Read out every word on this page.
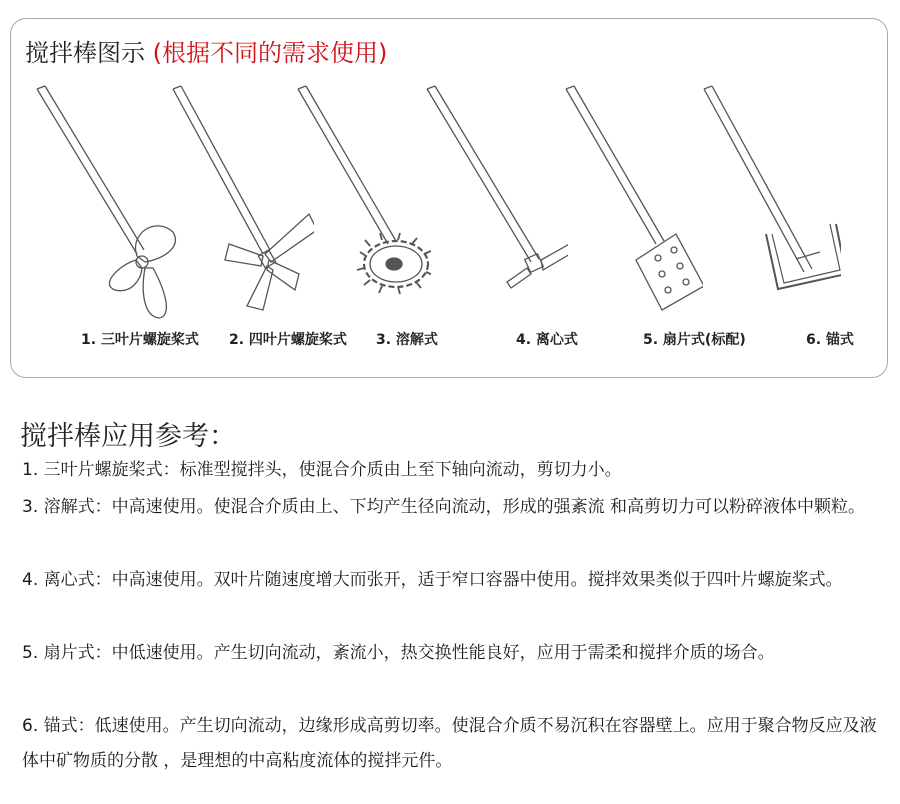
搅拌棒图示 (根据不同的需求使用)
1. 三叶片螺旋桨式 2. 四叶片螺旋桨式 3. 溶解式	4. 离心式	5. 扇片式(标配)	6. 锚式
搅拌棒应用参考：
1. 三叶片螺旋桨式：标准型搅拌头，使混合介质由上至下轴向流动，剪切力小。
3. 溶解式：中高速使用。使混合介质由上、下均产生径向流动，形成的强紊流 和高剪切力可以粉碎液体中颗粒。
4. 离心式：中高速使用。双叶片随速度增大而张开，适于窄口容器中使用。搅拌效果类似于四叶片螺旋桨式。
5. 扇片式：中低速使用。产生切向流动，紊流小，热交换性能良好，应用于需柔和搅拌介质的场合。
6. 锚式：低速使用。产生切向流动，边缘形成高剪切率。使混合介质不易沉积在容器壁上。应用于聚合物反应及液 体中矿物质的分散 ，是理想的中高粘度流体的搅拌元件。
